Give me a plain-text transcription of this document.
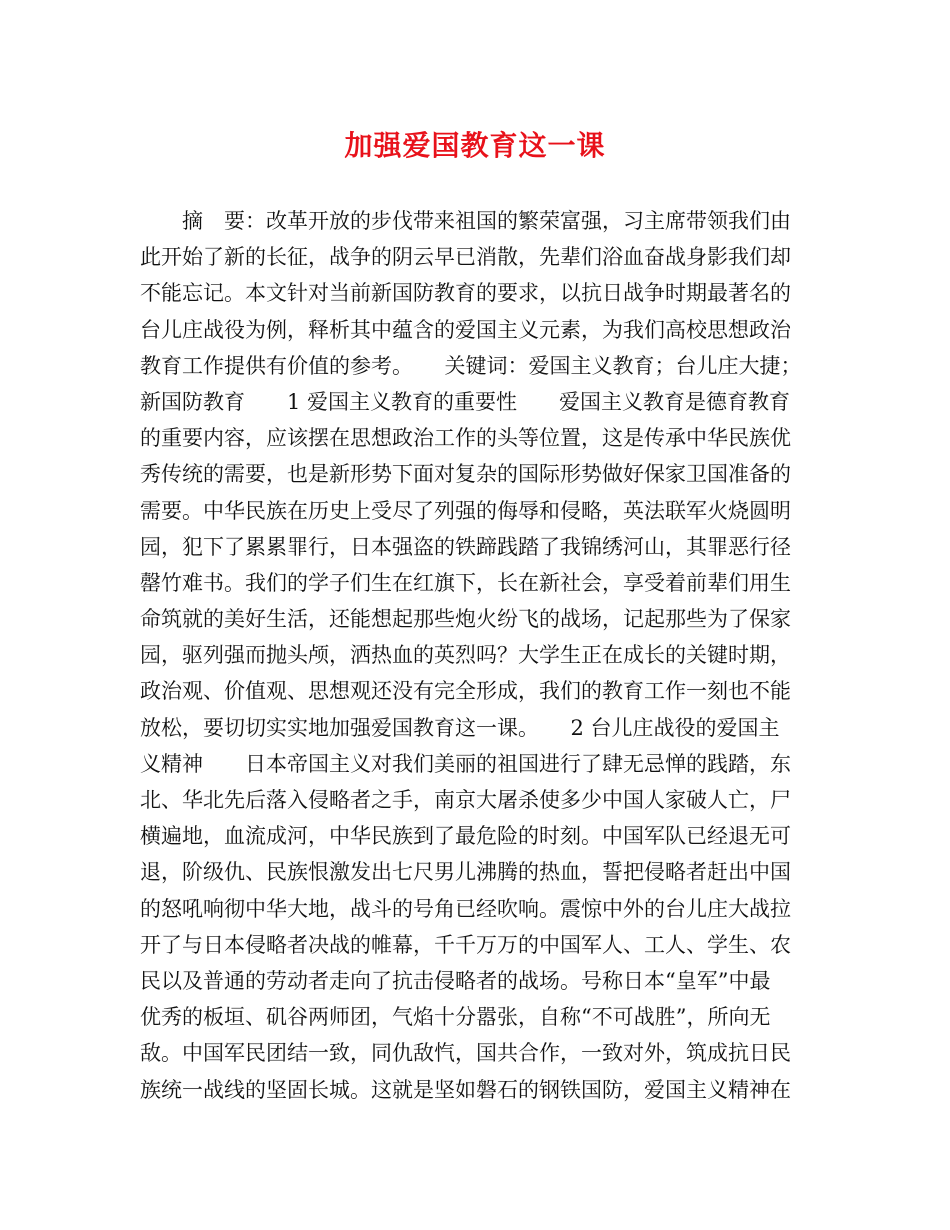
加强爱国教育这一课
　　摘　要：改革开放的步伐带来祖国的繁荣富强，习主席带领我们由
此开始了新的长征，战争的阴云早已消散，先辈们浴血奋战身影我们却
不能忘记。本文针对当前新国防教育的要求，以抗日战争时期最著名的
台儿庄战役为例，释析其中蕴含的爱国主义元素，为我们高校思想政治
教育工作提供有价值的参考。　　关键词：爱国主义教育；台儿庄大捷；
新国防教育　　1 爱国主义教育的重要性　　爱国主义教育是德育教育
的重要内容，应该摆在思想政治工作的头等位置，这是传承中华民族优
秀传统的需要，也是新形势下面对复杂的国际形势做好保家卫国准备的
需要。中华民族在历史上受尽了列强的侮辱和侵略，英法联军火烧圆明
园，犯下了累累罪行，日本强盗的铁蹄践踏了我锦绣河山，其罪恶行径
罄竹难书。我们的学子们生在红旗下，长在新社会，享受着前辈们用生
命筑就的美好生活，还能想起那些炮火纷飞的战场，记起那些为了保家
园，驱列强而抛头颅，洒热血的英烈吗？大学生正在成长的关键时期，
政治观、价值观、思想观还没有完全形成，我们的教育工作一刻也不能
放松，要切切实实地加强爱国教育这一课。　　2 台儿庄战役的爱国主
义精神　　日本帝国主义对我们美丽的祖国进行了肆无忌惮的践踏，东
北、华北先后落入侵略者之手，南京大屠杀使多少中国人家破人亡，尸
横遍地，血流成河，中华民族到了最危险的时刻。中国军队已经退无可
退，阶级仇、民族恨激发出七尺男儿沸腾的热血，誓把侵略者赶出中国
的怒吼响彻中华大地，战斗的号角已经吹响。震惊中外的台儿庄大战拉
开了与日本侵略者决战的帷幕，千千万万的中国军人、工人、学生、农
民以及普通的劳动者走向了抗击侵略者的战场。号称日本“皇军”中最
优秀的板垣、矶谷两师团，气焰十分嚣张，自称“不可战胜”，所向无
敌。中国军民团结一致，同仇敌忾，国共合作，一致对外，筑成抗日民
族统一战线的坚固长城。这就是坚如磐石的钢铁国防，爱国主义精神在
